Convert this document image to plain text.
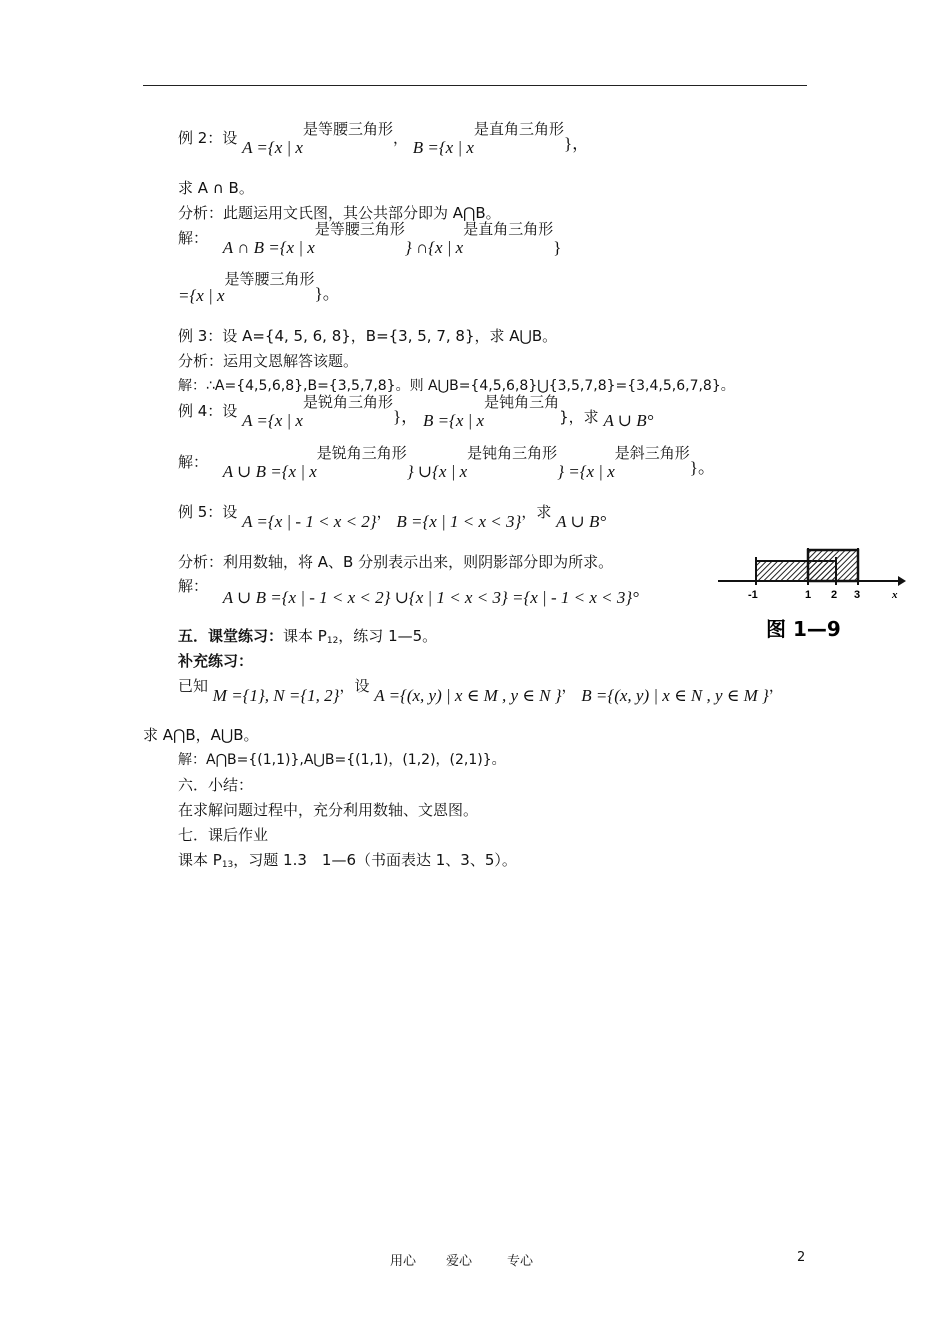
例 2：设 A ={x | x是等腰三角形， B ={x | x是直角三角形}，
求 A ∩ B。
分析：此题运用文氏图，其公共部分即为 A⋂B。
解： A ∩ B ={x | x是等腰三角形} ∩{x | x是直角三角形}
={x | x是等腰三角形}。
例 3：设 A={4, 5, 6, 8}，B={3, 5, 7, 8}，求 A⋃B。
分析：运用文恩解答该题。
解：∴A={4,5,6,8},B={3,5,7,8}。则 A⋃B={4,5,6,8}⋃{3,5,7,8}={3,4,5,6,7,8}。
例 4：设 A ={x | x是锐角三角形}， B ={x | x是钝角三角}，求 A ∪ B°
解： A ∪ B ={x | x是锐角三角形} ∪{x | x是钝角三角形} ={x | x是斜三角形}。
例 5：设 A ={x | - 1 < x < 2}， B ={x | 1 < x < 3}，求 A ∪ B°
分析：利用数轴，将 A、B 分别表示出来，则阴影部分即为所求。
解： A ∪ B ={x | - 1 < x < 2} ∪{x | 1 < x < 3} ={x | - 1 < x < 3}°	-1	1 2 3	x
图 1—9
五．课堂练习：课本 $P_{12}$，练习 1—5。
补充练习：
已知 M ={1}, N ={1, 2}，设 A ={(x, y) | x ∈ M , y ∈ N }， B ={(x, y) | x ∈ N , y ∈ M }，
求 A⋂B，A⋃B。
解：A⋂B={(1,1)},A⋃B={(1,1)，(1,2)，(2,1)}。
六．小结：
在求解问题过程中，充分利用数轴、文恩图。
七．课后作业
课本 $P_{13}$，习题 1.3　1—6（书面表达 1、3、5）。
用心 爱心	专心	2
